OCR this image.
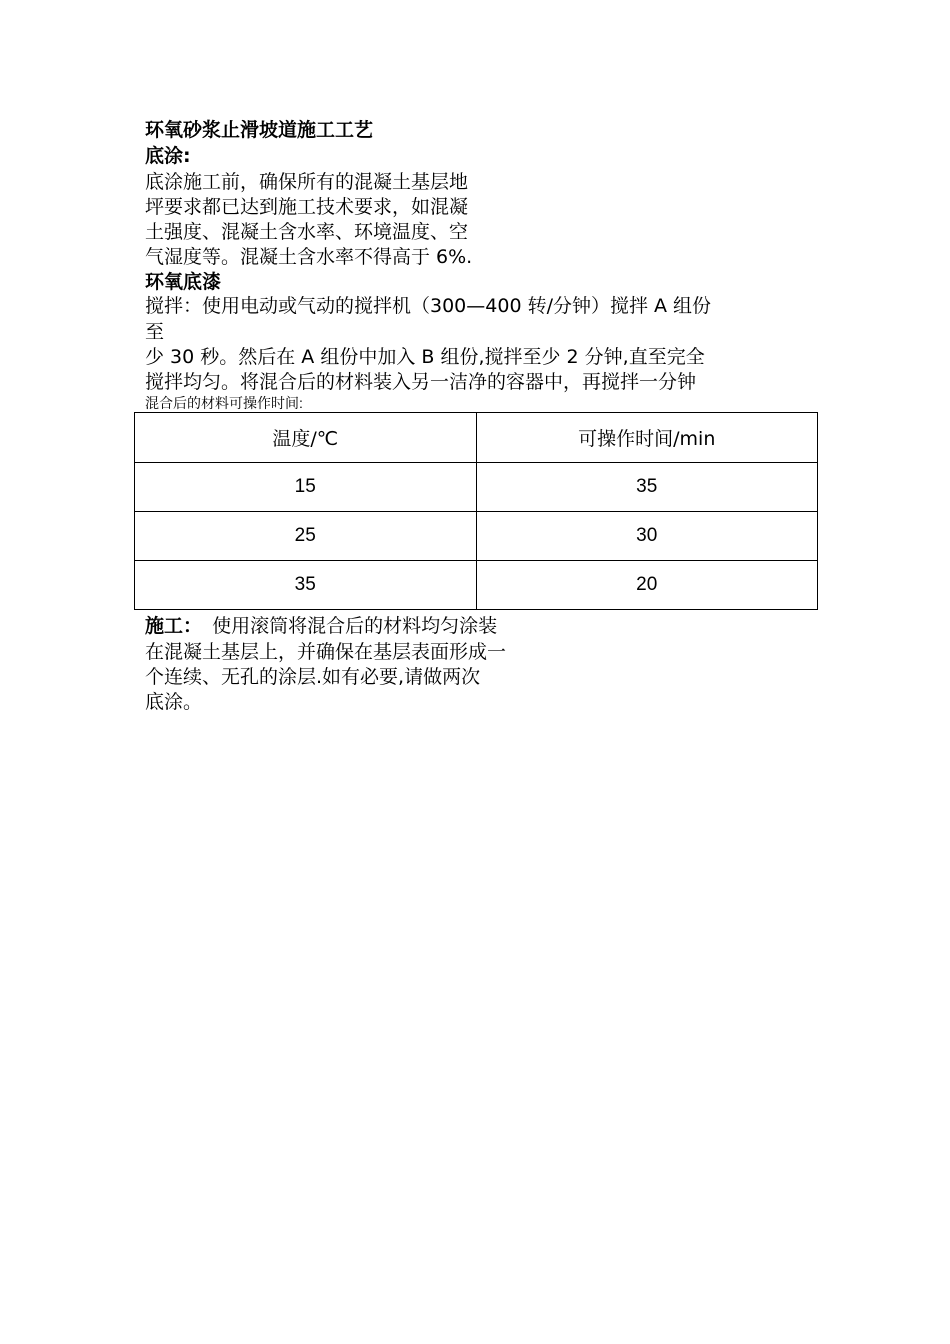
环氧砂浆止滑坡道施工工艺
底涂:
底涂施工前，确保所有的混凝土基层地
坪要求都已达到施工技术要求，如混凝
土强度、混凝土含水率、环境温度、空
气湿度等。混凝土含水率不得高于 6%.
环氧底漆
搅拌：使用电动或气动的搅拌机（300—400 转/分钟）搅拌 A 组份
至
少 30 秒。然后在 A 组份中加入 B 组份,搅拌至少 2 分钟,直至完全
搅拌均匀。将混合后的材料装入另一洁净的容器中，再搅拌一分钟
混合后的材料可操作时间:
温度/℃	可操作时间/min
15	35
25	30
35	20
施工： 使用滚筒将混合后的材料均匀涂装
在混凝土基层上，并确保在基层表面形成一
个连续、无孔的涂层.如有必要,请做两次
底涂。
